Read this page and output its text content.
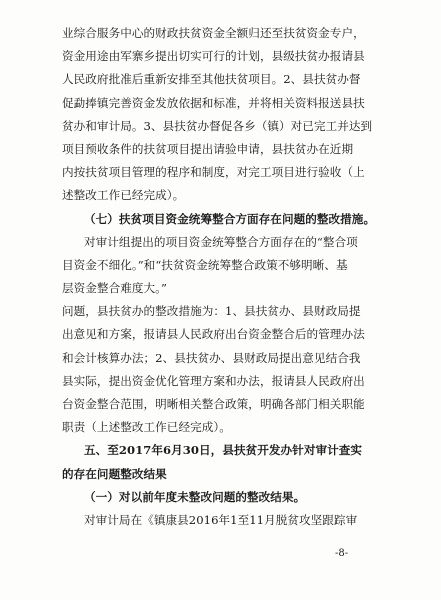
业综合服务中心的财政扶贫资金全额归还至扶贫资金专户，
资金用途由军寨乡提出切实可行的计划，县级扶贫办报请县
人民政府批准后重新安排至其他扶贫项目。2、县扶贫办督
促勐捧镇完善资金发放依据和标准，并将相关资料报送县扶
贫办和审计局。3、县扶贫办督促各乡（镇）对已完工并达到
项目预收条件的扶贫项目提出请验申请，县扶贫办在近期
内按扶贫项目管理的程序和制度，对完工项目进行验收（上
述整改工作已经完成）。
（七）扶贫项目资金统筹整合方面存在问题的整改措施。
对审计组提出的项目资金统筹整合方面存在的“整合项
目资金不细化。”和“扶贫资金统筹整合政策不够明晰、基
层资金整合难度大。”
问题，县扶贫办的整改措施为：1、县扶贫办、县财政局提
出意见和方案，报请县人民政府出台资金整合后的管理办法
和会计核算办法；2、县扶贫办、县财政局提出意见结合我
县实际，提出资金优化管理方案和办法，报请县人民政府出
台资金整合范围，明晰相关整合政策，明确各部门相关职能
职责（上述整改工作已经完成）。
五、至2017年6月30日，县扶贫开发办针对审计查实
的存在问题整改结果
（一）对以前年度未整改问题的整改结果。
对审计局在《镇康县2016年1至11月脱贫攻坚跟踪审
-8-
